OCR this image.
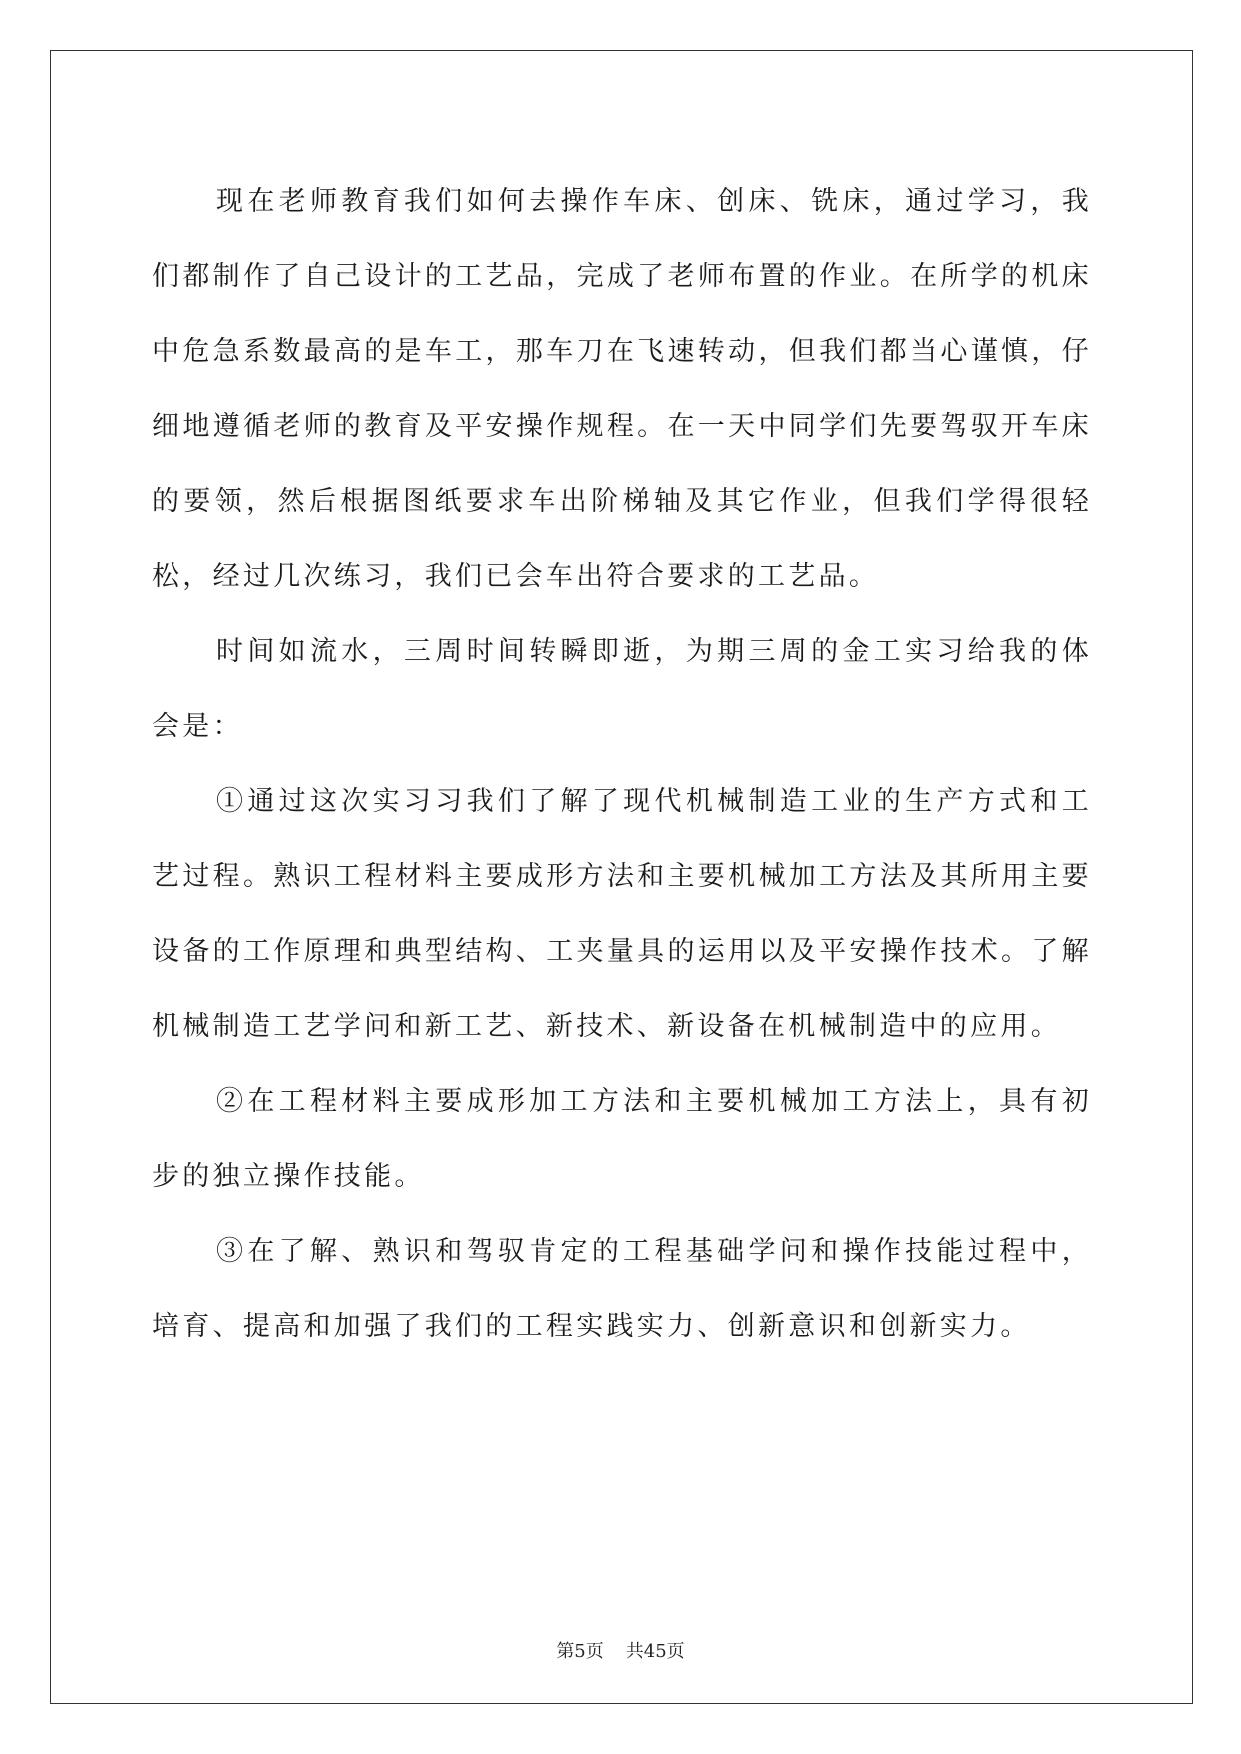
现在老师教育我们如何去操作车床、创床、铣床，通过学习，我们都制作了自己设计的工艺品，完成了老师布置的作业。在所学的机床中危急系数最高的是车工，那车刀在飞速转动，但我们都当心谨慎，仔细地遵循老师的教育及平安操作规程。在一天中同学们先要驾驭开车床的要领，然后根据图纸要求车出阶梯轴及其它作业，但我们学得很轻松，经过几次练习，我们已会车出符合要求的工艺品。

时间如流水，三周时间转瞬即逝，为期三周的金工实习给我的体会是：

①通过这次实习习我们了解了现代机械制造工业的生产方式和工艺过程。熟识工程材料主要成形方法和主要机械加工方法及其所用主要设备的工作原理和典型结构、工夹量具的运用以及平安操作技术。了解机械制造工艺学问和新工艺、新技术、新设备在机械制造中的应用。

②在工程材料主要成形加工方法和主要机械加工方法上，具有初步的独立操作技能。

③在了解、熟识和驾驭肯定的工程基础学问和操作技能过程中，培育、提高和加强了我们的工程实践实力、创新意识和创新实力。

第5页 共45页
